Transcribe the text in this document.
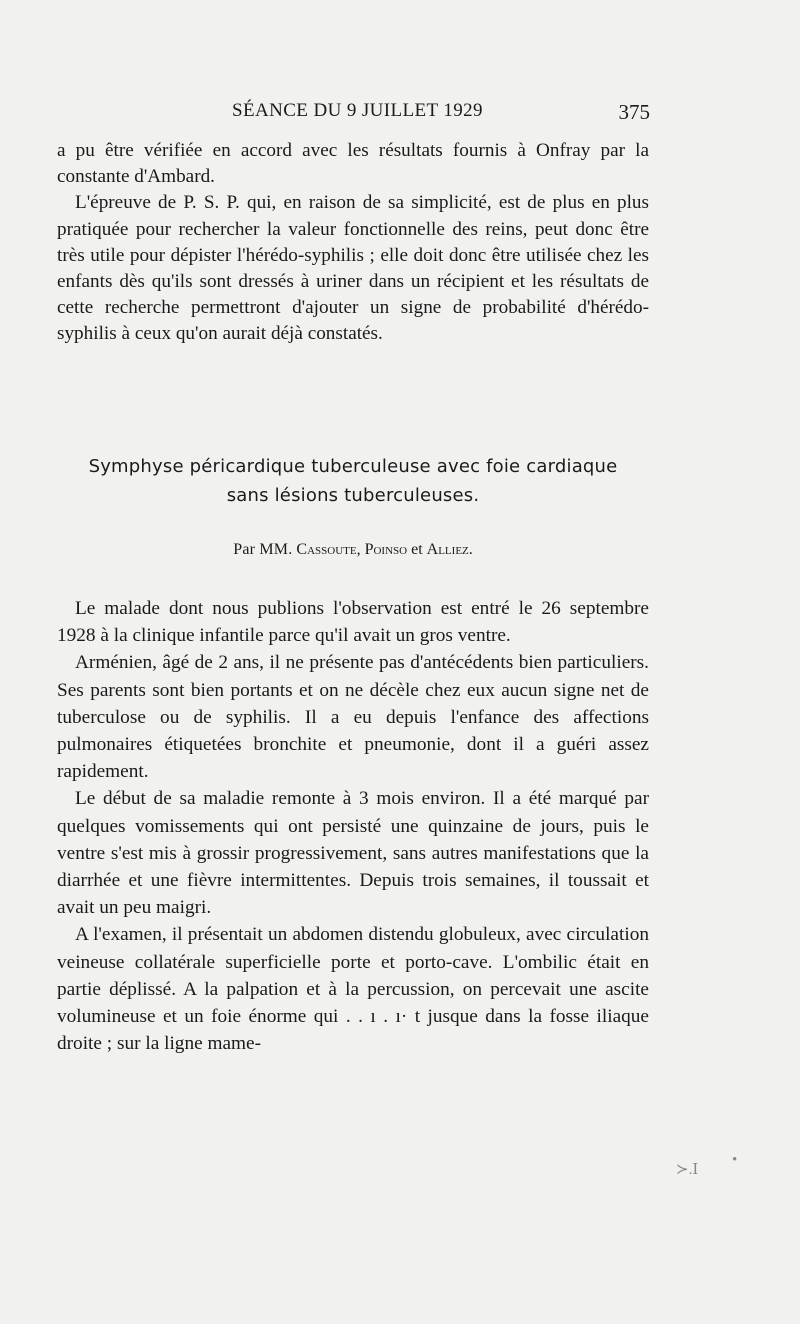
SÉANCE DU 9 JUILLET 1929	375

a pu être vérifiée en accord avec les résultats fournis à Onfray par la constante d'Ambard.

L'épreuve de P. S. P. qui, en raison de sa simplicité, est de plus en plus pratiquée pour rechercher la valeur fonctionnelle des reins, peut donc être très utile pour dépister l'hérédo-syphilis ; elle doit donc être utilisée chez les enfants dès qu'ils sont dressés à uriner dans un récipient et les résultats de cette recherche permettront d'ajouter un signe de probabilité d'hérédo-syphilis à ceux qu'on aurait déjà constatés.

Symphyse péricardique tuberculeuse avec foie cardiaque
sans lésions tuberculeuses.

Par MM. Cassoute, Poinso et Alliez.

Le malade dont nous publions l'observation est entré le 26 septembre 1928 à la clinique infantile parce qu'il avait un gros ventre.

Arménien, âgé de 2 ans, il ne présente pas d'antécédents bien particuliers. Ses parents sont bien portants et on ne décèle chez eux aucun signe net de tuberculose ou de syphilis. Il a eu depuis l'enfance des affections pulmonaires étiquetées bronchite et pneumonie, dont il a guéri assez rapidement.

Le début de sa maladie remonte à 3 mois environ. Il a été marqué par quelques vomissements qui ont persisté une quinzaine de jours, puis le ventre s'est mis à grossir progressivement, sans autres manifestations que la diarrhée et une fièvre intermittentes. Depuis trois semaines, il toussait et avait un peu maigri.

A l'examen, il présentait un abdomen distendu globuleux, avec circulation veineuse collatérale superficielle porte et porto-cave. L'ombilic était en partie déplissé. A la palpation et à la percussion, on percevait une ascite volumineuse et un foie énorme qui . . ı . ı· t jusque dans la fosse iliaque droite ; sur la ligne mame-

≻.Ⅰ
•
